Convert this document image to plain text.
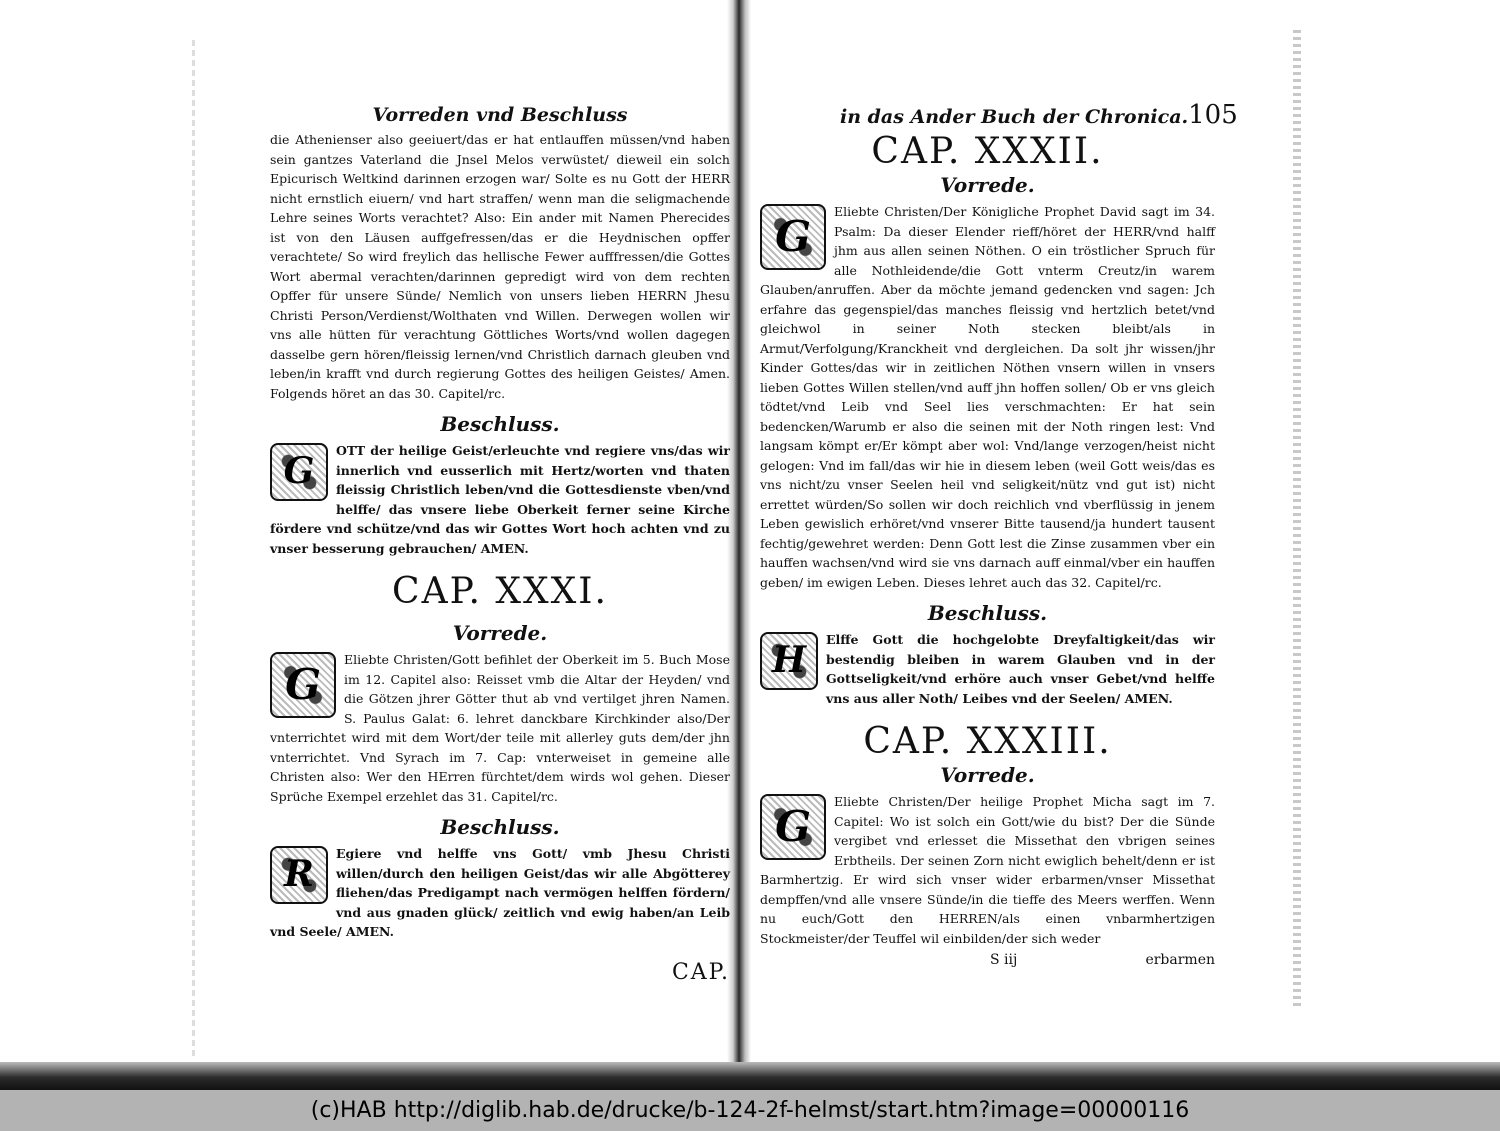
Vorreden vnd Beschluss
die Athenienser also geeiuert/das er hat entlauffen müssen/vnd haben sein gantzes Vaterland die Jnsel Melos verwüstet/ dieweil ein solch Epicurisch Weltkind darinnen erzogen war/ Solte es nu Gott der HERR nicht ernstlich eiuern/ vnd hart straffen/ wenn man die seligmachende Lehre seines Worts verachtet? Also: Ein ander mit Namen Pherecides ist von den Läusen auffgefressen/das er die Heydnischen opffer verachtete/ So wird freylich das hellische Fewer aufffressen/die Gottes Wort abermal verachten/darinnen gepredigt wird von dem rechten Opffer für unsere Sünde/ Nemlich von unsers lieben HERRN Jhesu Christi Person/Verdienst/Wolthaten vnd Willen. Derwegen wollen wir vns alle hütten für verachtung Göttliches Worts/vnd wollen dagegen dasselbe gern hören/fleissig lernen/vnd Christlich darnach gleuben vnd leben/in krafft vnd durch regierung Gottes des heiligen Geistes/ Amen. Folgends höret an das 30. Capitel/rc.
Beschluss.
G	OTT der heilige Geist/erleuchte vnd regiere vns/das wir innerlich vnd eusserlich mit Hertz/worten vnd thaten fleissig Christlich leben/vnd die Gottesdienste vben/vnd helffe/ das vnsere liebe Oberkeit ferner seine Kirche fördere vnd schütze/vnd das wir Gottes Wort hoch achten vnd zu vnser besserung gebrauchen/ AMEN.
CAP. XXXI.
Vorrede.
G
Eliebte Christen/Gott befihlet der Oberkeit im 5. Buch Mose im 12. Capitel also: Reisset vmb die Altar der Heyden/ vnd die Götzen jhrer Götter thut ab vnd vertilget jhren Namen. S. Paulus Galat: 6. lehret danckbare Kirchkinder also/Der vnterrichtet wird mit dem Wort/der teile mit allerley guts dem/der jhn vnterrichtet. Vnd Syrach im 7. Cap: vnterweiset in gemeine alle Christen also: Wer den HErren fürchtet/dem wirds wol gehen. Dieser Sprüche Exempel erzehlet das 31. Capitel/rc.
Beschluss.
R	Egiere vnd helffe vns Gott/ vmb Jhesu Christi willen/durch den heiligen Geist/das wir alle Abgötterey fliehen/das Predigampt nach vermögen helffen fördern/ vnd aus gnaden glück/ zeitlich vnd ewig haben/an Leib vnd Seele/ AMEN.
CAP.
in das Ander Buch der Chronica. 105
CAP. XXXII.
Vorrede.
G
Eliebte Christen/Der Königliche Prophet David sagt im 34. Psalm: Da dieser Elender rieff/höret der HERR/vnd halff jhm aus allen seinen Nöthen. O ein tröstlicher Spruch für alle Nothleidende/die Gott vnterm Creutz/in warem Glauben/anruffen. Aber da möchte jemand gedencken vnd sagen: Jch erfahre das gegenspiel/das manches fleissig vnd hertzlich betet/vnd gleichwol in seiner Noth stecken bleibt/als in Armut/Verfolgung/Kranckheit vnd dergleichen. Da solt jhr wissen/jhr Kinder Gottes/das wir in zeitlichen Nöthen vnsern willen in vnsers lieben Gottes Willen stellen/vnd auff jhn hoffen sollen/ Ob er vns gleich tödtet/vnd Leib vnd Seel lies verschmachten: Er hat sein bedencken/Warumb er also die seinen mit der Noth ringen lest: Vnd langsam kömpt er/Er kömpt aber wol: Vnd/lange verzogen/heist nicht gelogen: Vnd im fall/das wir hie in diesem leben (weil Gott weis/das es vns nicht/zu vnser Seelen heil vnd seligkeit/nütz vnd gut ist) nicht errettet würden/So sollen wir doch reichlich vnd vberflüssig in jenem Leben gewislich erhöret/vnd vnserer Bitte tausend/ja hundert tausent fechtig/gewehret werden: Denn Gott lest die Zinse zusammen vber ein hauffen wachsen/vnd wird sie vns darnach auff einmal/vber ein hauffen geben/ im ewigen Leben. Dieses lehret auch das 32. Capitel/rc.
Beschluss.
H	Elffe Gott die hochgelobte Dreyfaltigkeit/das wir bestendig bleiben in warem Glauben vnd in der Gottseligkeit/vnd erhöre auch vnser Gebet/vnd helffe vns aus aller Noth/ Leibes vnd der Seelen/ AMEN.
CAP. XXXIII.
Vorrede.
G
Eliebte Christen/Der heilige Prophet Micha sagt im 7. Capitel: Wo ist solch ein Gott/wie du bist? Der die Sünde vergibet vnd erlesset die Missethat den vbrigen seines Erbtheils. Der seinen Zorn nicht ewiglich behelt/denn er ist Barmhertzig. Er wird sich vnser wider erbarmen/vnser Missethat dempffen/vnd alle vnsere Sünde/in die tieffe des Meers werffen. Wenn nu euch/Gott den HERREN/als einen vnbarmhertzigen Stockmeister/der Teuffel wil einbilden/der sich weder
S iij	erbarmen
(c)HAB http://diglib.hab.de/drucke/b-124-2f-helmst/start.htm?image=00000116
